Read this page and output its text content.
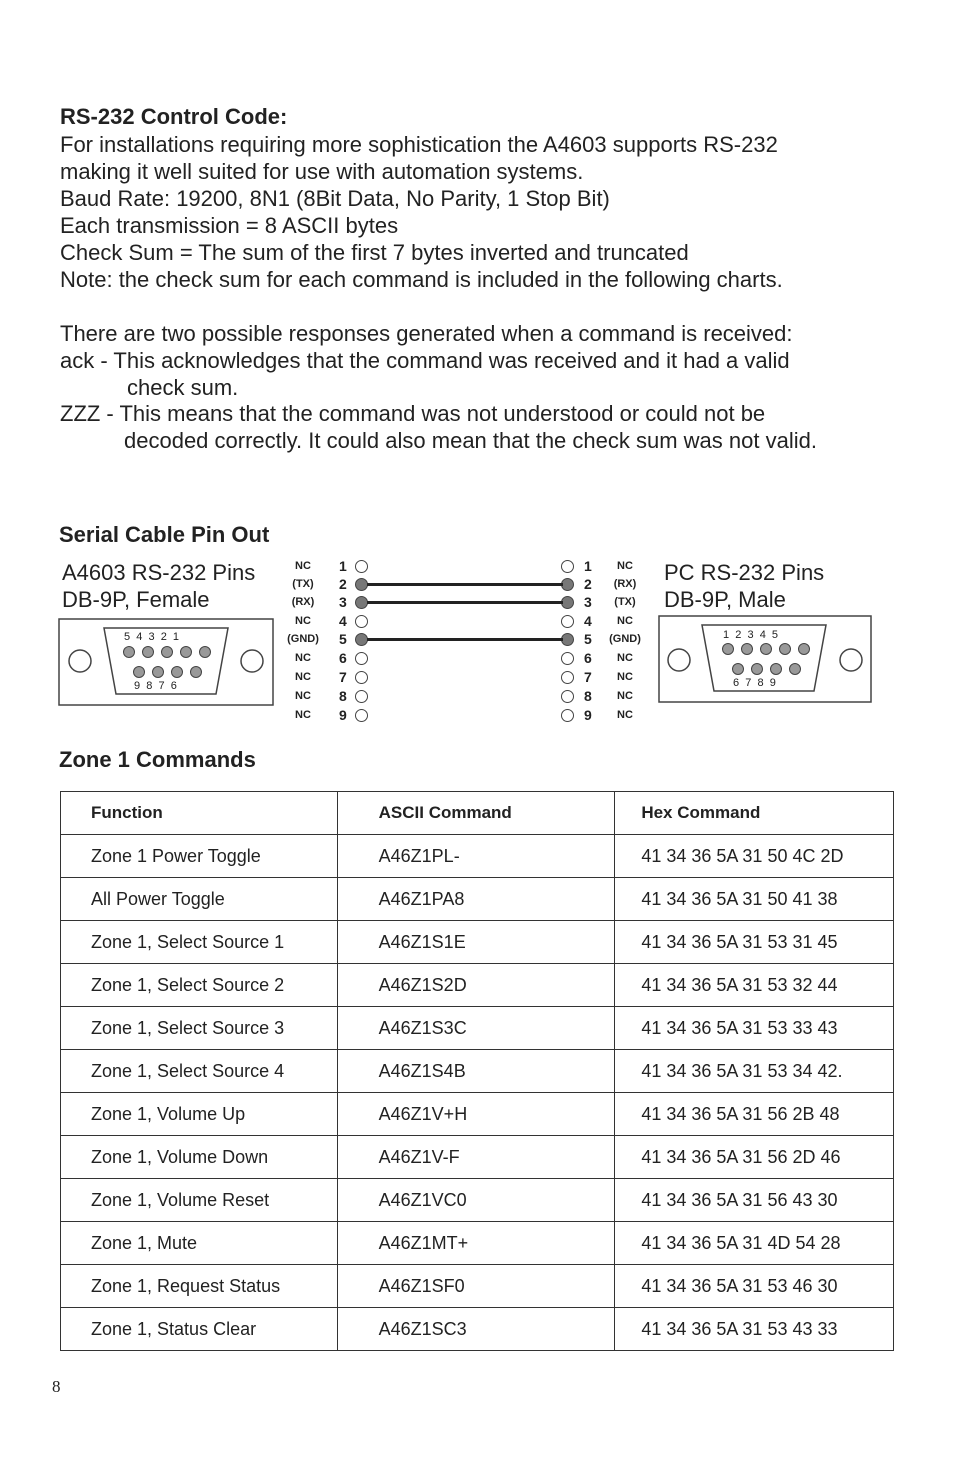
RS-232 Control Code:
For installations requiring more sophistication the A4603 supports RS-232
making it well suited for use with automation systems.
Baud Rate: 19200, 8N1 (8Bit Data, No Parity, 1 Stop Bit)
Each transmission = 8 ASCII bytes
Check Sum = The sum of the first 7 bytes inverted and truncated
Note: the check sum for each command is included in the following charts.
There are two possible responses generated when a command is received:
ack - This acknowledges that the command was received and it had a valid
check sum.
ZZZ - This means that the command was not understood or could not be
decoded correctly. It could also mean that the check sum was not valid.
Serial Cable Pin Out
A4603 RS-232 Pins
DB-9P, Female
PC RS-232 Pins
DB-9P, Male
5  4  3  2  1
9  8  7  6
1  2  3  4  5
6  7  8  9
NC	1	1	NC
(TX)	2	2	(RX)
(RX)	3	3	(TX)
NC	4	4	NC
(GND)	5	5	(GND)
NC	6	6	NC
NC	7	7	NC
NC	8	8	NC
NC	9	9	NC
Zone 1 Commands
Function	ASCII Command	Hex Command
Zone 1 Power Toggle	A46Z1PL-	41 34 36 5A 31 50 4C 2D
All Power Toggle	A46Z1PA8	41 34 36 5A 31 50 41 38
Zone 1, Select Source 1	A46Z1S1E	41 34 36 5A 31 53 31 45
Zone 1, Select Source 2	A46Z1S2D	41 34 36 5A 31 53 32 44
Zone 1, Select Source 3	A46Z1S3C	41 34 36 5A 31 53 33 43
Zone 1, Select Source 4	A46Z1S4B	41 34 36 5A 31 53 34 42.
Zone 1, Volume Up	A46Z1V+H	41 34 36 5A 31 56 2B 48
Zone 1, Volume Down	A46Z1V-F	41 34 36 5A 31 56 2D 46
Zone 1, Volume Reset	A46Z1VC0	41 34 36 5A 31 56 43 30
Zone 1, Mute	A46Z1MT+	41 34 36 5A 31 4D 54 28
Zone 1, Request Status	A46Z1SF0	41 34 36 5A 31 53 46 30
Zone 1, Status Clear	A46Z1SC3	41 34 36 5A 31 53 43 33
8
